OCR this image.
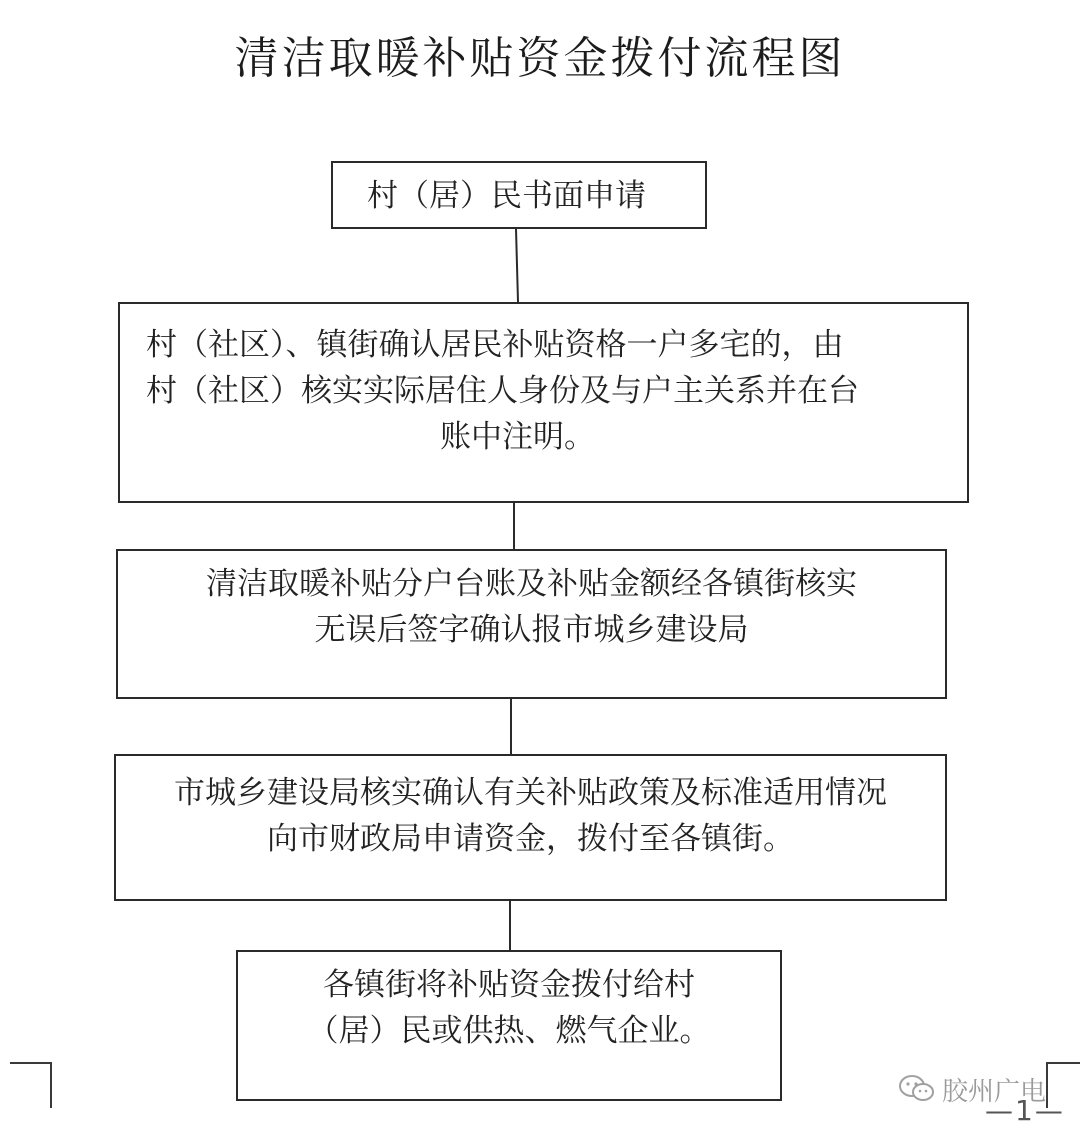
清洁取暖补贴资金拨付流程图
村（居）民书面申请
村（社区）、镇街确认居民补贴资格一户多宅的，由
村（社区）核实实际居住人身份及与户主关系并在台
账中注明。
清洁取暖补贴分户台账及补贴金额经各镇街核实
无误后签字确认报市城乡建设局
市城乡建设局核实确认有关补贴政策及标准适用情况
向市财政局申请资金，拨付至各镇街。
各镇街将补贴资金拨付给村
（居）民或供热、燃气企业。
胶州广电
—1—
